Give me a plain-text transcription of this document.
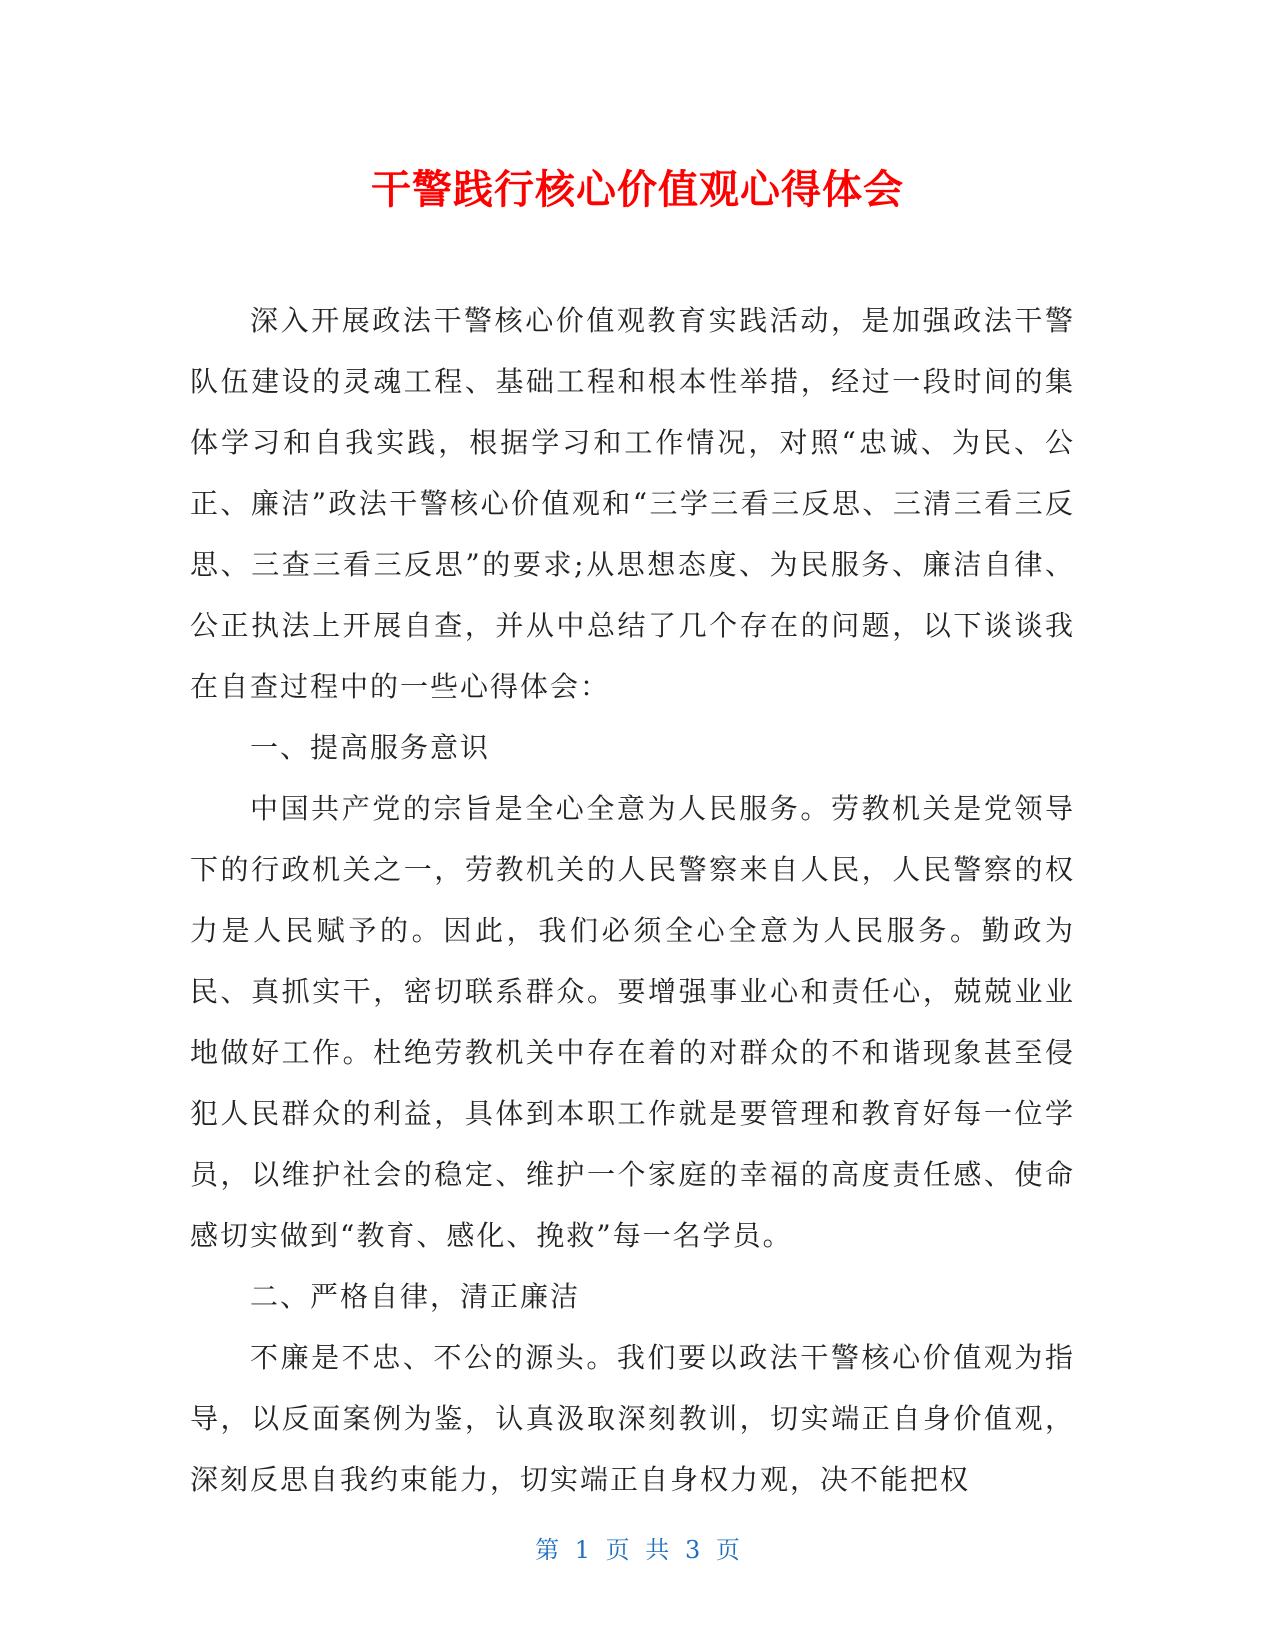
干警践行核心价值观心得体会

深入开展政法干警核心价值观教育实践活动，是加强政法干警队伍建设的灵魂工程、基础工程和根本性举措，经过一段时间的集体学习和自我实践，根据学习和工作情况，对照“忠诚、为民、公正、廉洁”政法干警核心价值观和“三学三看三反思、三清三看三反思、三查三看三反思”的要求;从思想态度、为民服务、廉洁自律、公正执法上开展自查，并从中总结了几个存在的问题，以下谈谈我在自查过程中的一些心得体会：

一、提高服务意识

中国共产党的宗旨是全心全意为人民服务。劳教机关是党领导下的行政机关之一，劳教机关的人民警察来自人民，人民警察的权力是人民赋予的。因此，我们必须全心全意为人民服务。勤政为民、真抓实干，密切联系群众。要增强事业心和责任心，兢兢业业地做好工作。杜绝劳教机关中存在着的对群众的不和谐现象甚至侵犯人民群众的利益，具体到本职工作就是要管理和教育好每一位学员，以维护社会的稳定、维护一个家庭的幸福的高度责任感、使命感切实做到“教育、感化、挽救”每一名学员。

二、严格自律，清正廉洁

不廉是不忠、不公的源头。我们要以政法干警核心价值观为指导，以反面案例为鉴，认真汲取深刻教训，切实端正自身价值观，深刻反思自我约束能力，切实端正自身权力观，决不能把权

第 1 页 共 3 页
